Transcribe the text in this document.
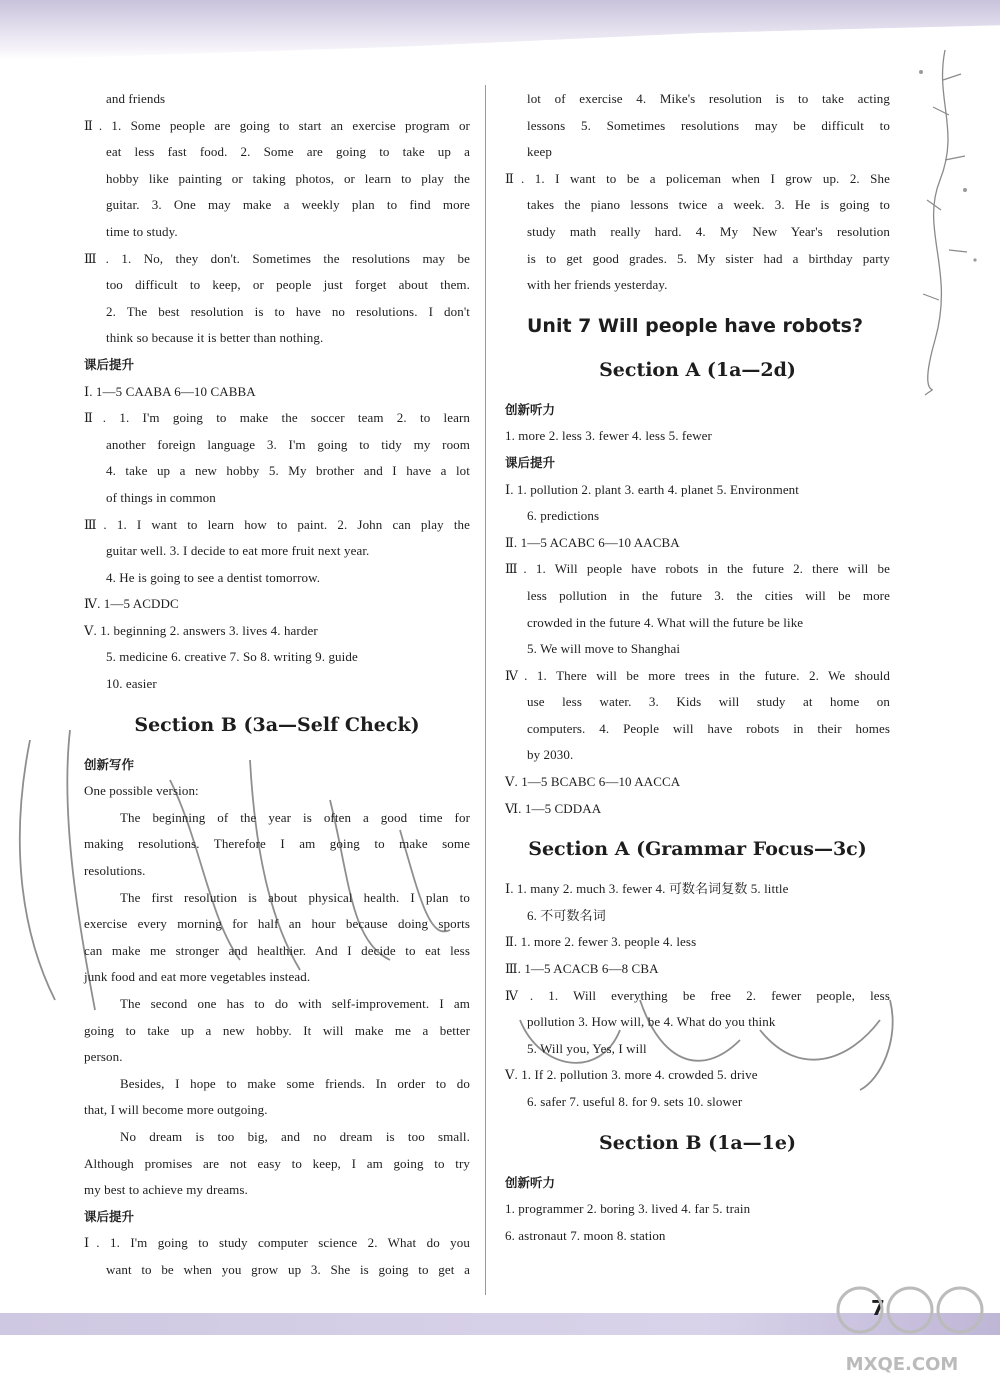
and friends
Ⅱ. 1. Some people are going to start an exercise program or
eat less fast food. 2. Some are going to take up a
hobby like painting or taking photos, or learn to play the
guitar. 3. One may make a weekly plan to find more
time to study.
Ⅲ. 1. No, they don't. Sometimes the resolutions may be
too difficult to keep, or people just forget about them.
2. The best resolution is to have no resolutions. I don't
think so because it is better than nothing.
课后提升
Ⅰ. 1—5 CAABA 6—10 CABBA
Ⅱ. 1. I'm going to make the soccer team 2. to learn
another foreign language 3. I'm going to tidy my room
4. take up a new hobby 5. My brother and I have a lot
of things in common
Ⅲ. 1. I want to learn how to paint. 2. John can play the
guitar well. 3. I decide to eat more fruit next year.
4. He is going to see a dentist tomorrow.
Ⅳ. 1—5 ACDDC
Ⅴ. 1. beginning 2. answers 3. lives 4. harder
5. medicine 6. creative 7. So 8. writing 9. guide
10. easier
Section B (3a—Self Check)
创新写作
One possible version:
The beginning of the year is often a good time for
making resolutions. Therefore I am going to make some
resolutions.
The first resolution is about physical health. I plan to
exercise every morning for half an hour because doing sports
can make me stronger and healthier. And I decide to eat less
junk food and eat more vegetables instead.
The second one has to do with self-improvement. I am
going to take up a new hobby. It will make me a better
person.
Besides, I hope to make some friends. In order to do
that, I will become more outgoing.
No dream is too big, and no dream is too small.
Although promises are not easy to keep, I am going to try
my best to achieve my dreams.
课后提升
Ⅰ. 1. I'm going to study computer science 2. What do you
want to be when you grow up 3. She is going to get a
lot of exercise 4. Mike's resolution is to take acting
lessons 5. Sometimes resolutions may be difficult to
keep
Ⅱ. 1. I want to be a policeman when I grow up. 2. She
takes the piano lessons twice a week. 3. He is going to
study math really hard. 4. My New Year's resolution
is to get good grades. 5. My sister had a birthday party
with her friends yesterday.
Unit 7 Will people have robots?
Section A (1a—2d)
创新听力
1. more 2. less 3. fewer 4. less 5. fewer
课后提升
Ⅰ. 1. pollution 2. plant 3. earth 4. planet 5. Environment
6. predictions
Ⅱ. 1—5 ACABC 6—10 AACBA
Ⅲ. 1. Will people have robots in the future 2. there will be
less pollution in the future 3. the cities will be more
crowded in the future 4. What will the future be like
5. We will move to Shanghai
Ⅳ. 1. There will be more trees in the future. 2. We should
use less water. 3. Kids will study at home on
computers. 4. People will have robots in their homes
by 2030.
Ⅴ. 1—5 BCABC 6—10 AACCA
Ⅵ. 1—5 CDDAA
Section A (Grammar Focus—3c)
Ⅰ. 1. many 2. much 3. fewer 4. 可数名词复数 5. little
6. 不可数名词
Ⅱ. 1. more 2. fewer 3. people 4. less
Ⅲ. 1—5 ACACB 6—8 CBA
Ⅳ. 1. Will everything be free 2. fewer people, less
pollution 3. How will, be 4. What do you think
5. Will you, Yes, I will
Ⅴ. 1. If 2. pollution 3. more 4. crowded 5. drive
6. safer 7. useful 8. for 9. sets 10. slower
Section B (1a—1e)
创新听力
1. programmer 2. boring 3. lived 4. far 5. train
6. astronaut 7. moon 8. station
7
MXQE.COM
